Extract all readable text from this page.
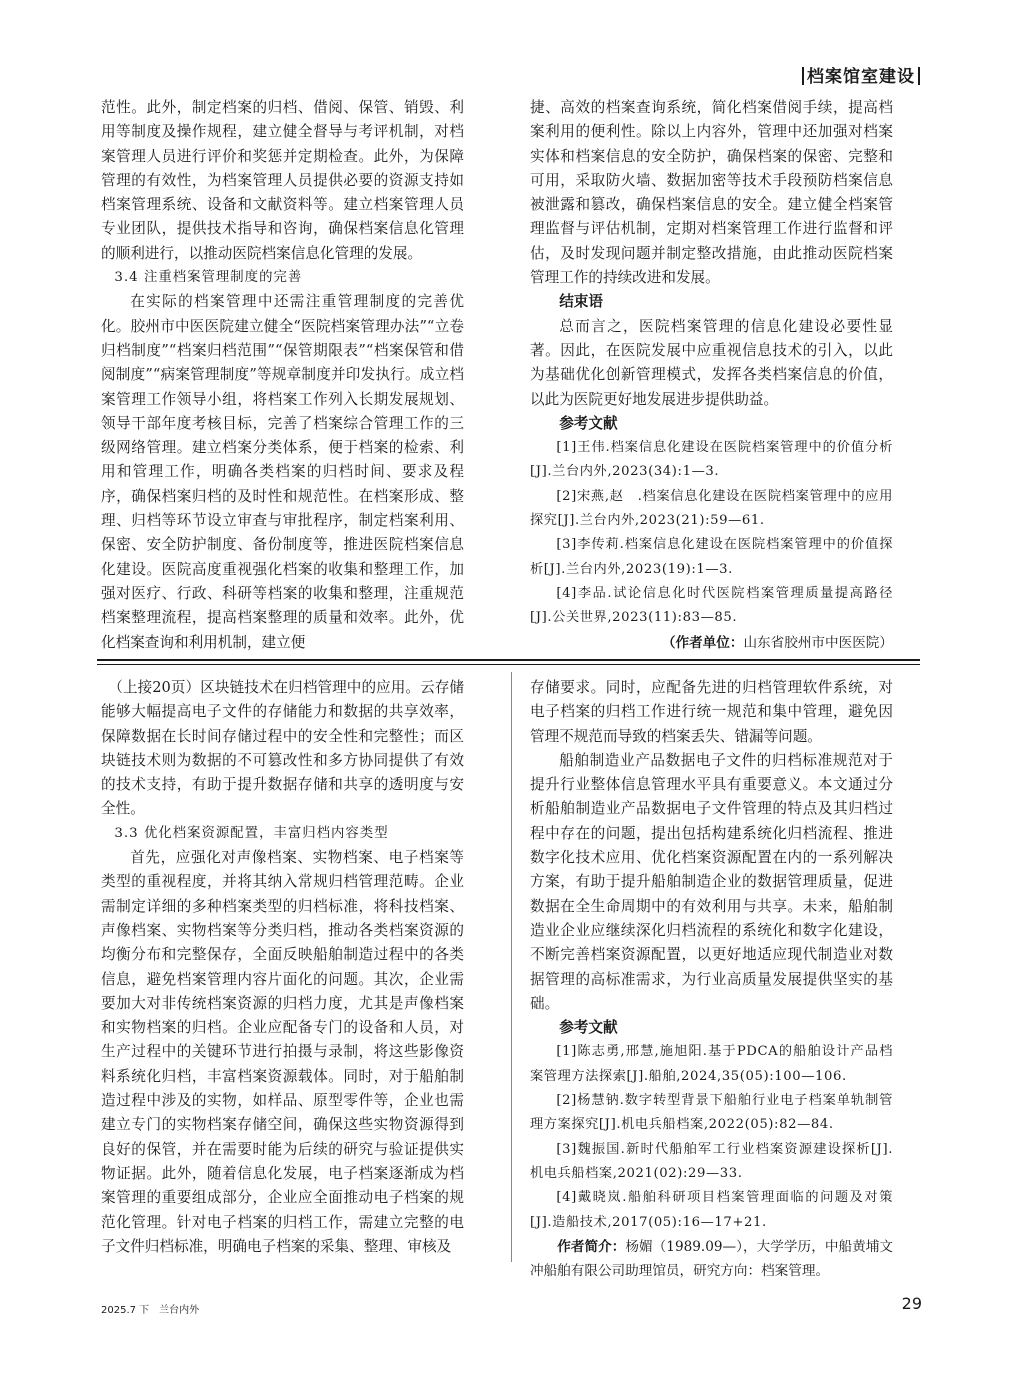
档案馆室建设

范性。此外，制定档案的归档、借阅、保管、销毁、利用等制度及操作规程，建立健全督导与考评机制，对档案管理人员进行评价和奖惩并定期检查。此外，为保障管理的有效性，为档案管理人员提供必要的资源支持如档案管理系统、设备和文献资料等。建立档案管理人员专业团队，提供技术指导和咨询，确保档案信息化管理的顺利进行，以推动医院档案信息化管理的发展。

3.4 注重档案管理制度的完善

在实际的档案管理中还需注重管理制度的完善优化。胶州市中医医院建立健全“医院档案管理办法”“立卷归档制度”“档案归档范围”“保管期限表”“档案保管和借阅制度”“病案管理制度”等规章制度并印发执行。成立档案管理工作领导小组，将档案工作列入长期发展规划、领导干部年度考核目标，完善了档案综合管理工作的三级网络管理。建立档案分类体系，便于档案的检索、利用和管理工作，明确各类档案的归档时间、要求及程序，确保档案归档的及时性和规范性。在档案形成、整理、归档等环节设立审查与审批程序，制定档案利用、保密、安全防护制度、备份制度等，推进医院档案信息化建设。医院高度重视强化档案的收集和整理工作，加强对医疗、行政、科研等档案的收集和整理，注重规范档案整理流程，提高档案整理的质量和效率。此外，优化档案查询和利用机制，建立便

捷、高效的档案查询系统，简化档案借阅手续，提高档案利用的便利性。除以上内容外，管理中还加强对档案实体和档案信息的安全防护，确保档案的保密、完整和可用，采取防火墙、数据加密等技术手段预防档案信息被泄露和篡改，确保档案信息的安全。建立健全档案管理监督与评估机制，定期对档案管理工作进行监督和评估，及时发现问题并制定整改措施，由此推动医院档案管理工作的持续改进和发展。

结束语

总而言之，医院档案管理的信息化建设必要性显著。因此，在医院发展中应重视信息技术的引入，以此为基础优化创新管理模式，发挥各类档案信息的价值，以此为医院更好地发展进步提供助益。

参考文献

[1]王伟.档案信息化建设在医院档案管理中的价值分析[J].兰台内外,2023(34):1—3.

[2]宋燕,赵　.档案信息化建设在医院档案管理中的应用探究[J].兰台内外,2023(21):59—61.

[3]李传莉.档案信息化建设在医院档案管理中的价值探析[J].兰台内外,2023(19):1—3.

[4]李品.试论信息化时代医院档案管理质量提高路径[J].公关世界,2023(11):83—85.

（作者单位：山东省胶州市中医医院）

（上接20页）区块链技术在归档管理中的应用。云存储能够大幅提高电子文件的存储能力和数据的共享效率，保障数据在长时间存储过程中的安全性和完整性；而区块链技术则为数据的不可篡改性和多方协同提供了有效的技术支持，有助于提升数据存储和共享的透明度与安全性。

3.3 优化档案资源配置，丰富归档内容类型

首先，应强化对声像档案、实物档案、电子档案等类型的重视程度，并将其纳入常规归档管理范畴。企业需制定详细的多种档案类型的归档标准，将科技档案、声像档案、实物档案等分类归档，推动各类档案资源的均衡分布和完整保存，全面反映船舶制造过程中的各类信息，避免档案管理内容片面化的问题。其次，企业需要加大对非传统档案资源的归档力度，尤其是声像档案和实物档案的归档。企业应配备专门的设备和人员，对生产过程中的关键环节进行拍摄与录制，将这些影像资料系统化归档，丰富档案资源载体。同时，对于船舶制造过程中涉及的实物，如样品、原型零件等，企业也需建立专门的实物档案存储空间，确保这些实物资源得到良好的保管，并在需要时能为后续的研究与验证提供实物证据。此外，随着信息化发展，电子档案逐渐成为档案管理的重要组成部分，企业应全面推动电子档案的规范化管理。针对电子档案的归档工作，需建立完整的电子文件归档标准，明确电子档案的采集、整理、审核及

存储要求。同时，应配备先进的归档管理软件系统，对电子档案的归档工作进行统一规范和集中管理，避免因管理不规范而导致的档案丢失、错漏等问题。

船舶制造业产品数据电子文件的归档标准规范对于提升行业整体信息管理水平具有重要意义。本文通过分析船舶制造业产品数据电子文件管理的特点及其归档过程中存在的问题，提出包括构建系统化归档流程、推进数字化技术应用、优化档案资源配置在内的一系列解决方案，有助于提升船舶制造企业的数据管理质量，促进数据在全生命周期中的有效利用与共享。未来，船舶制造业企业应继续深化归档流程的系统化和数字化建设，不断完善档案资源配置，以更好地适应现代制造业对数据管理的高标准需求，为行业高质量发展提供坚实的基础。

参考文献

[1]陈志勇,邢慧,施旭阳.基于PDCA的船舶设计产品档案管理方法探索[J].船舶,2024,35(05):100—106.

[2]杨慧钠.数字转型背景下船舶行业电子档案单轨制管理方案探究[J].机电兵船档案,2022(05):82—84.

[3]魏振国.新时代船舶军工行业档案资源建设探析[J].机电兵船档案,2021(02):29—33.

[4]戴晓岚.船舶科研项目档案管理面临的问题及对策[J].造船技术,2017(05):16—17+21.

作者简介：杨媚（1989.09—），大学学历，中船黄埔文冲船舶有限公司助理馆员，研究方向：档案管理。

2025.7 下　兰台内外	29
